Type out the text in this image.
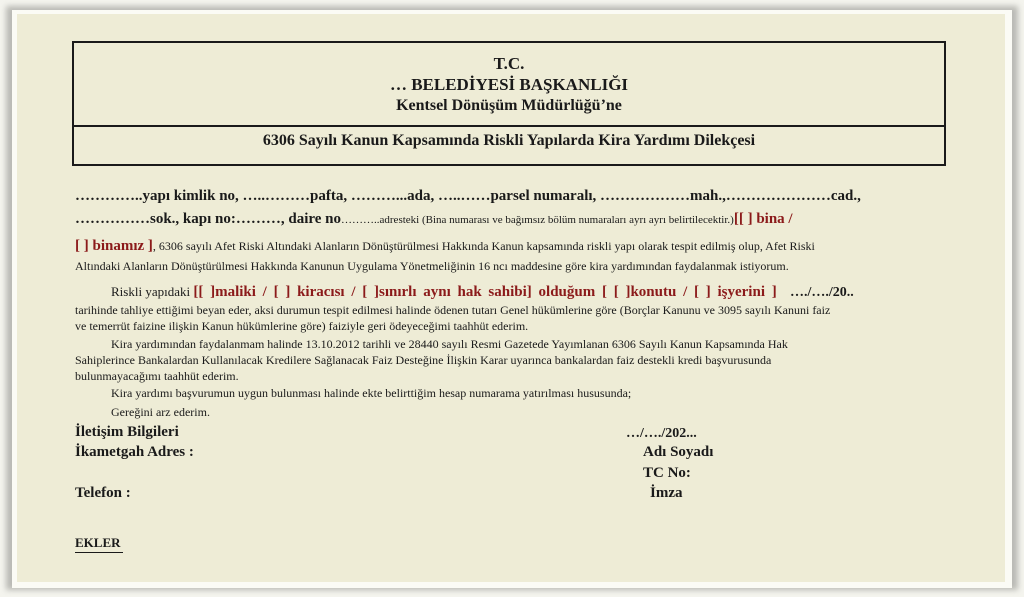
T.C.
… BELEDİYESİ BAŞKANLIĞI
Kentsel Dönüşüm Müdürlüğü’ne
6306 Sayılı Kanun Kapsamında Riskli Yapılarda Kira Yardımı Dilekçesi
…………..yapı kimlik no, …..………pafta, ………...ada, …..……parsel numaralı, ………………mah.,…………………cad.,
……………sok., kapı no:………, daire no………..adresteki (Bina numarası ve bağımsız bölüm numaraları ayrı ayrı belirtilecektir.)[[ ] bina /
[ ] binamız ], 6306 sayılı Afet Riski Altındaki Alanların Dönüştürülmesi Hakkında Kanun kapsamında riskli yapı olarak tespit edilmiş olup, Afet Riski
Altındaki Alanların Dönüştürülmesi Hakkında Kanunun Uygulama Yönetmeliğinin 16 ncı maddesine göre kira yardımından faydalanmak istiyorum.
Riskli yapıdaki [[ ]maliki / [ ] kiracısı / [ ]sınırlı aynı hak sahibi] olduğum [ [ ]konutu / [ ] işyerini ] …./…./20..
tarihinde tahliye ettiğimi beyan eder, aksi durumun tespit edilmesi halinde ödenen tutarı Genel hükümlerine göre (Borçlar Kanunu ve 3095 sayılı Kanuni faiz
ve temerrüt faizine ilişkin Kanun hükümlerine göre) faiziyle geri ödeyeceğimi taahhüt ederim.
Kira yardımından faydalanmam halinde 13.10.2012 tarihli ve 28440 sayılı Resmi Gazetede Yayımlanan 6306 Sayılı Kanun Kapsamında Hak
Sahiplerince Bankalardan Kullanılacak Kredilere Sağlanacak Faiz Desteğine İlişkin Karar uyarınca bankalardan faiz destekli kredi başvurusunda
bulunmayacağımı taahhüt ederim.
Kira yardımı başvurumun uygun bulunması halinde ekte belirttiğim hesap numarama yatırılması hususunda;
Gereğini arz ederim.
İletişim Bilgileri
İkametgah Adres :
Telefon :
…/…./202...
Adı Soyadı
TC No:
İmza
EKLER
